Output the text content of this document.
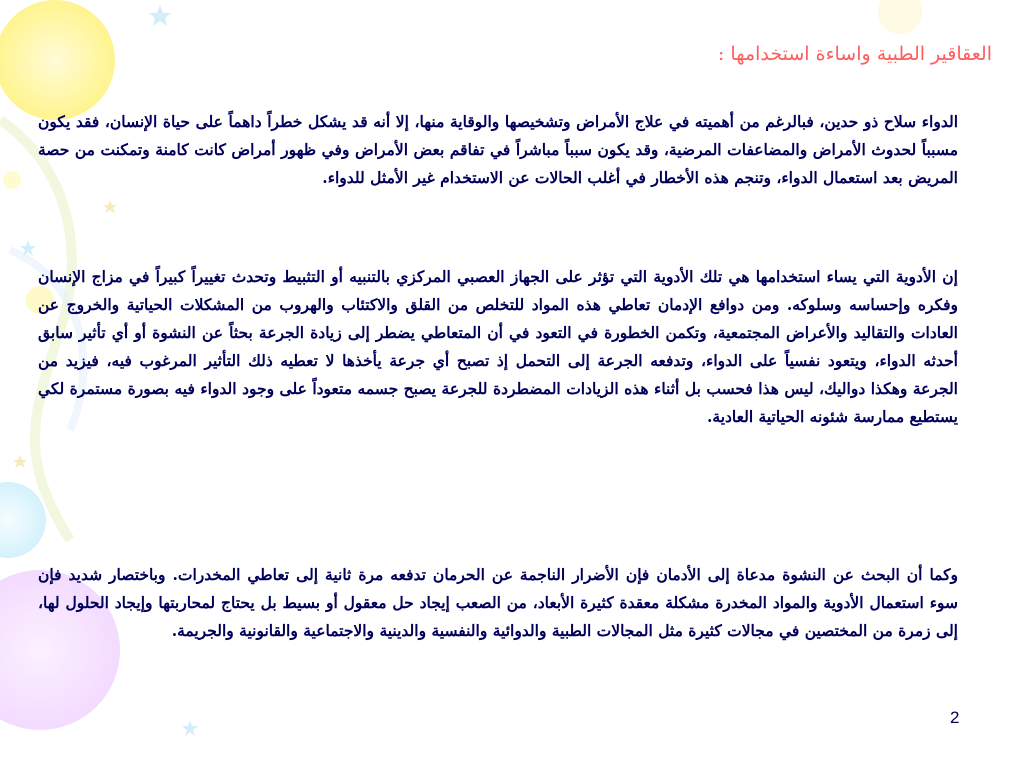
العقاقير الطبية واساءة استخدامها :

الدواء سلاح ذو حدين، فبالرغم من أهميته في علاج الأمراض وتشخيصها والوقاية منها، إلا أنه قد يشكل خطراً داهماً على حياة الإنسان، فقد يكون مسبباً لحدوث الأمراض والمضاعفات المرضية، وقد يكون سبباً مباشراً في تفاقم بعض الأمراض وفي ظهور أمراض كانت كامنة وتمكنت من حصة المريض بعد استعمال الدواء، وتنجم هذه الأخطار في أغلب الحالات عن الاستخدام غير الأمثل للدواء.

إن الأدوية التي يساء استخدامها هي تلك الأدوية التي تؤثر على الجهاز العصبي المركزي بالتنبيه أو التثبيط وتحدث تغييراً كبيراً في مزاج الإنسان وفكره وإحساسه وسلوكه. ومن دوافع الإدمان تعاطي هذه المواد للتخلص من القلق والاكتئاب والهروب من المشكلات الحياتية والخروج عن العادات والتقاليد والأعراض المجتمعية، وتكمن الخطورة في التعود في أن المتعاطي يضطر إلى زيادة الجرعة بحثاً عن النشوة أو أي تأثير سابق أحدثه الدواء، ويتعود نفسياً على الدواء، وتدفعه الجرعة إلى التحمل إذ تصبح أي جرعة يأخذها لا تعطيه ذلك التأثير المرغوب فيه، فيزيد من الجرعة وهكذا دواليك، ليس هذا فحسب بل أثناء هذه الزيادات المضطردة للجرعة يصبح جسمه متعوداً على وجود الدواء فيه بصورة مستمرة لكي يستطيع ممارسة شئونه الحياتية العادية.

وكما أن البحث عن النشوة مدعاة إلى الأدمان فإن الأضرار الناجمة عن الحرمان تدفعه مرة ثانية إلى تعاطي المخدرات. وباختصار شديد فإن سوء استعمال الأدوية والمواد المخدرة مشكلة معقدة كثيرة الأبعاد، من الصعب إيجاد حل معقول أو بسيط بل يحتاج لمحاربتها وإيجاد الحلول لها، إلى زمرة من المختصين في مجالات كثيرة مثل المجالات الطبية والدوائية والنفسية والدينية والاجتماعية والقانونية والجريمة.

2
